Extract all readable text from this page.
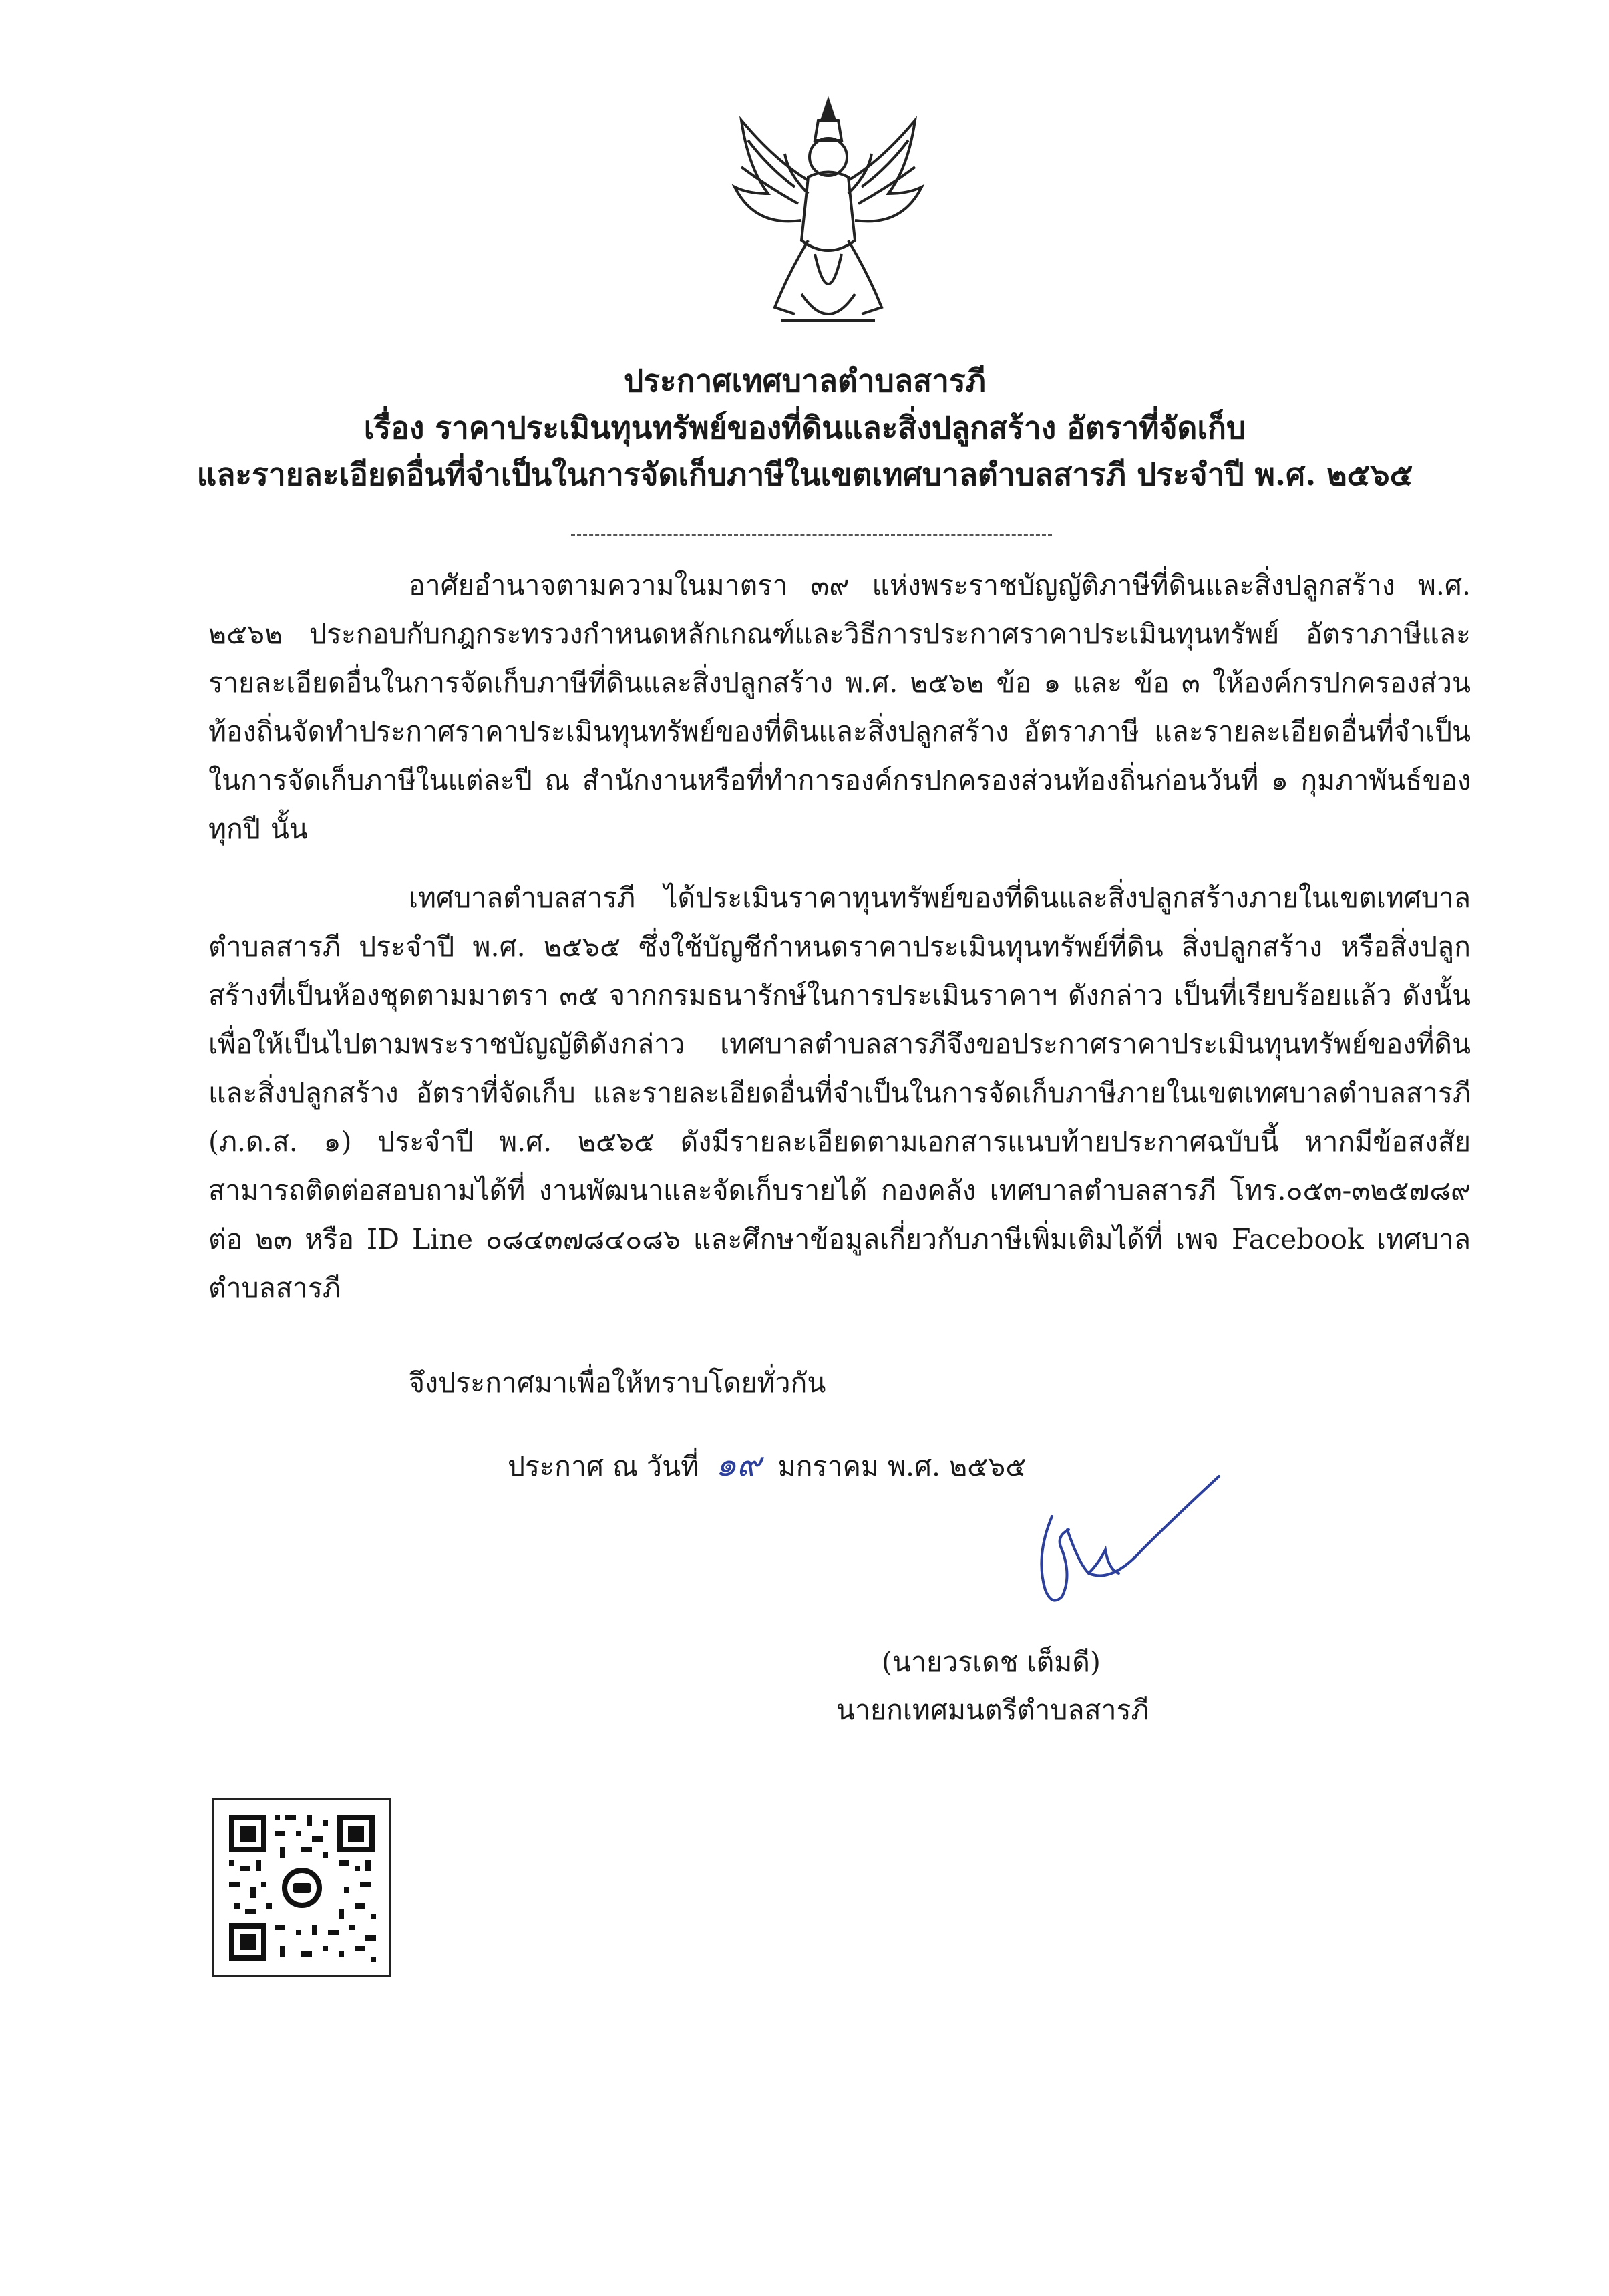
ประกาศเทศบาลตำบลสารภี
เรื่อง ราคาประเมินทุนทรัพย์ของที่ดินและสิ่งปลูกสร้าง อัตราที่จัดเก็บ
และรายละเอียดอื่นที่จำเป็นในการจัดเก็บภาษีในเขตเทศบาลตำบลสารภี ประจำปี พ.ศ. ๒๕๖๕

อาศัยอำนาจตามความในมาตรา ๓๙ แห่งพระราชบัญญัติภาษีที่ดินและสิ่งปลูกสร้าง พ.ศ. ๒๕๖๒ ประกอบกับกฎกระทรวงกำหนดหลักเกณฑ์และวิธีการประกาศราคาประเมินทุนทรัพย์ อัตราภาษีและรายละเอียดอื่นในการจัดเก็บภาษีที่ดินและสิ่งปลูกสร้าง พ.ศ. ๒๕๖๒ ข้อ ๑ และ ข้อ ๓ ให้องค์กรปกครองส่วนท้องถิ่นจัดทำประกาศราคาประเมินทุนทรัพย์ของที่ดินและสิ่งปลูกสร้าง อัตราภาษี และรายละเอียดอื่นที่จำเป็นในการจัดเก็บภาษีในแต่ละปี ณ สำนักงานหรือที่ทำการองค์กรปกครองส่วนท้องถิ่นก่อนวันที่ ๑ กุมภาพันธ์ของทุกปี นั้น

เทศบาลตำบลสารภี ได้ประเมินราคาทุนทรัพย์ของที่ดินและสิ่งปลูกสร้างภายในเขตเทศบาลตำบลสารภี ประจำปี พ.ศ. ๒๕๖๕ ซึ่งใช้บัญชีกำหนดราคาประเมินทุนทรัพย์ที่ดิน สิ่งปลูกสร้าง หรือสิ่งปลูกสร้างที่เป็นห้องชุดตามมาตรา ๓๕ จากกรมธนารักษ์ในการประเมินราคาฯ ดังกล่าว เป็นที่เรียบร้อยแล้ว ดังนั้น เพื่อให้เป็นไปตามพระราชบัญญัติดังกล่าว เทศบาลตำบลสารภีจึงขอประกาศราคาประเมินทุนทรัพย์ของที่ดินและสิ่งปลูกสร้าง อัตราที่จัดเก็บ และรายละเอียดอื่นที่จำเป็นในการจัดเก็บภาษีภายในเขตเทศบาลตำบลสารภี (ภ.ด.ส. ๑) ประจำปี พ.ศ. ๒๕๖๕ ดังมีรายละเอียดตามเอกสารแนบท้ายประกาศฉบับนี้ หากมีข้อสงสัยสามารถติดต่อสอบถามได้ที่ งานพัฒนาและจัดเก็บรายได้ กองคลัง เทศบาลตำบลสารภี โทร.๐๕๓-๓๒๕๗๘๙ ต่อ ๒๓ หรือ ID Line ๐๘๔๓๗๘๔๐๘๖ และศึกษาข้อมูลเกี่ยวกับภาษีเพิ่มเติมได้ที่ เพจ Facebook เทศบาลตำบลสารภี

จึงประกาศมาเพื่อให้ทราบโดยทั่วกัน
ประกาศ ณ วันที่ ๑๙ มกราคม พ.ศ. ๒๕๖๕
(นายวรเดช เต็มดี)
นายกเทศมนตรีตำบลสารภี
